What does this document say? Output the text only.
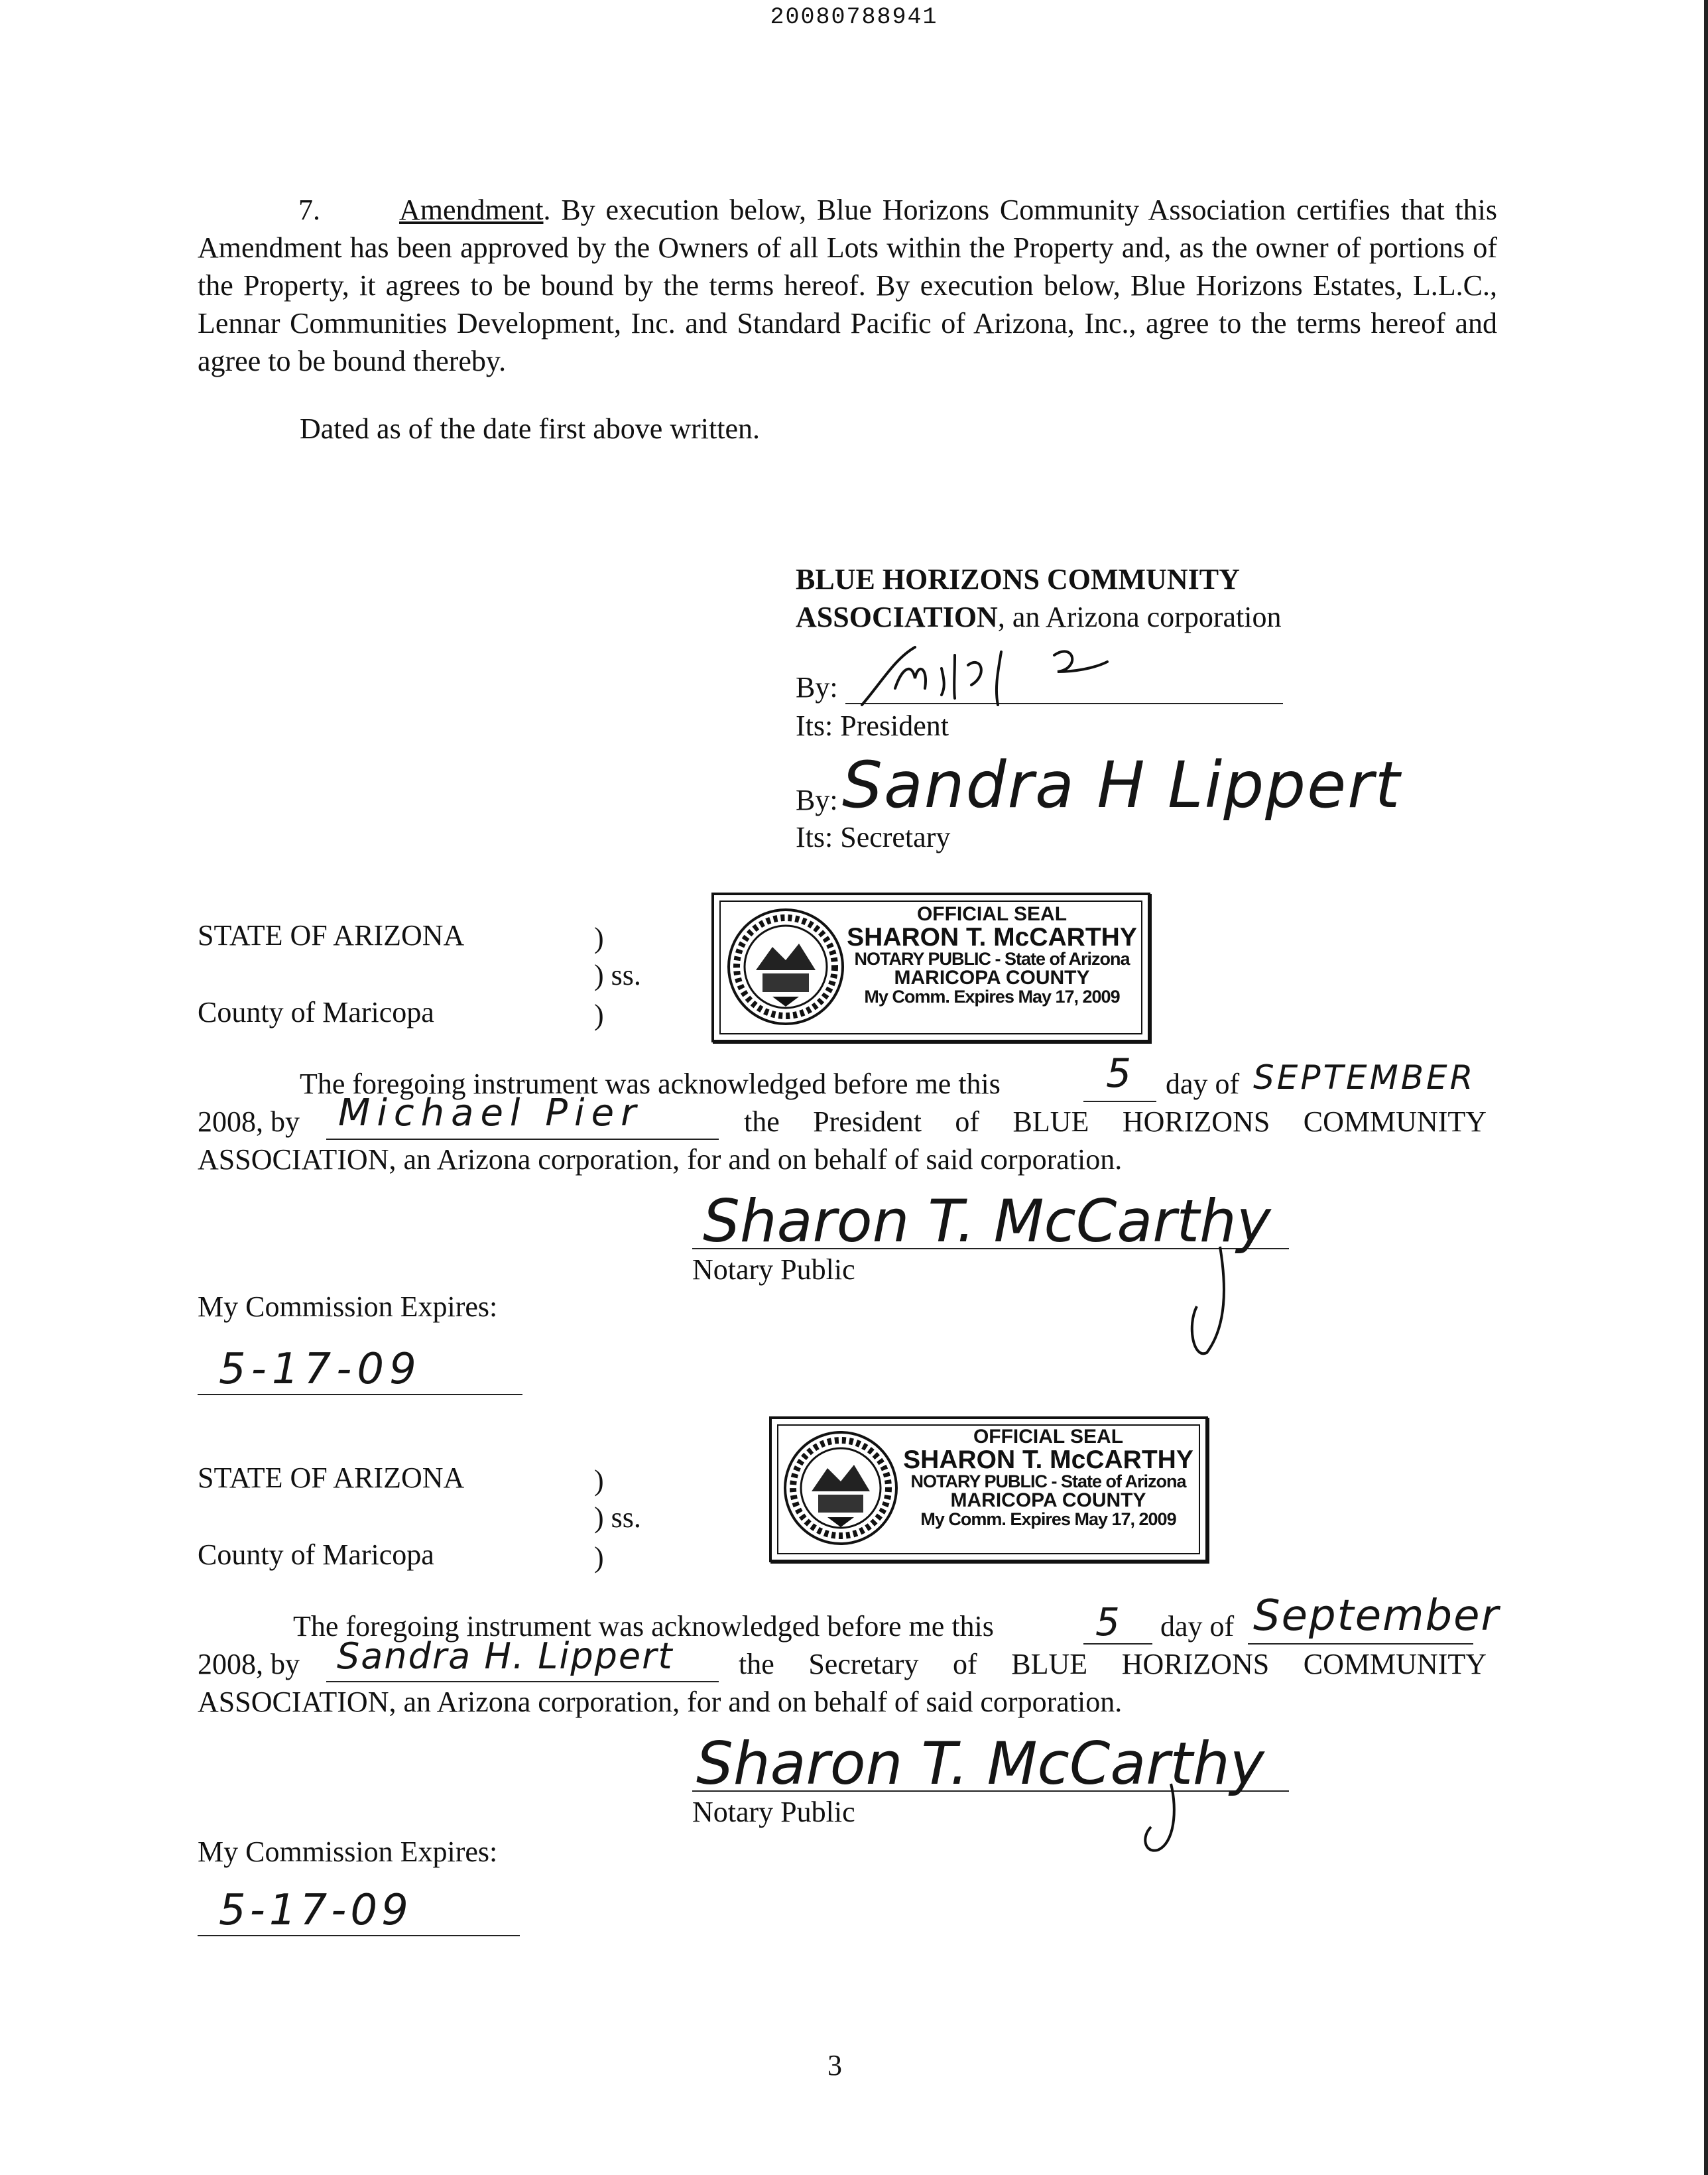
20080788941
7.	Amendment. By execution below, Blue Horizons Community Association certifies that this Amendment has been approved by the Owners of all Lots within the Property and, as the owner of portions of the Property, it agrees to be bound by the terms hereof. By execution below, Blue Horizons Estates, L.L.C., Lennar Communities Development, Inc. and Standard Pacific of Arizona, Inc., agree to the terms hereof and agree to be bound thereby.
Dated as of the date first above written.
BLUE HORIZONS COMMUNITY
ASSOCIATION, an Arizona corporation
By:
Its: President
By: Sandra H Lippert
Its: Secretary
STATE OF ARIZONA	)
) ss.
County of Maricopa	)
OFFICIAL SEAL
SHARON T. McCARTHY
NOTARY PUBLIC - State of Arizona
MARICOPA COUNTY
My Comm. Expires May 17, 2009
The foregoing instrument was acknowledged before me this	5 day of SEPTEMBER
2008, by Michael Pier	the President of BLUE HORIZONS COMMUNITY
ASSOCIATION, an Arizona corporation, for and on behalf of said corporation.
Sharon T. McCarthy
Notary Public
My Commission Expires:
5-17-09
STATE OF ARIZONA	)
) ss.
County of Maricopa	)
OFFICIAL SEAL
SHARON T. McCARTHY
NOTARY PUBLIC - State of Arizona
MARICOPA COUNTY
My Comm. Expires May 17, 2009
The foregoing instrument was acknowledged before me this	5 day of September
2008, by Sandra H. Lippert the Secretary of BLUE HORIZONS COMMUNITY
ASSOCIATION, an Arizona corporation, for and on behalf of said corporation.
Sharon T. McCarthy
Notary Public
My Commission Expires:
5-17-09
3
